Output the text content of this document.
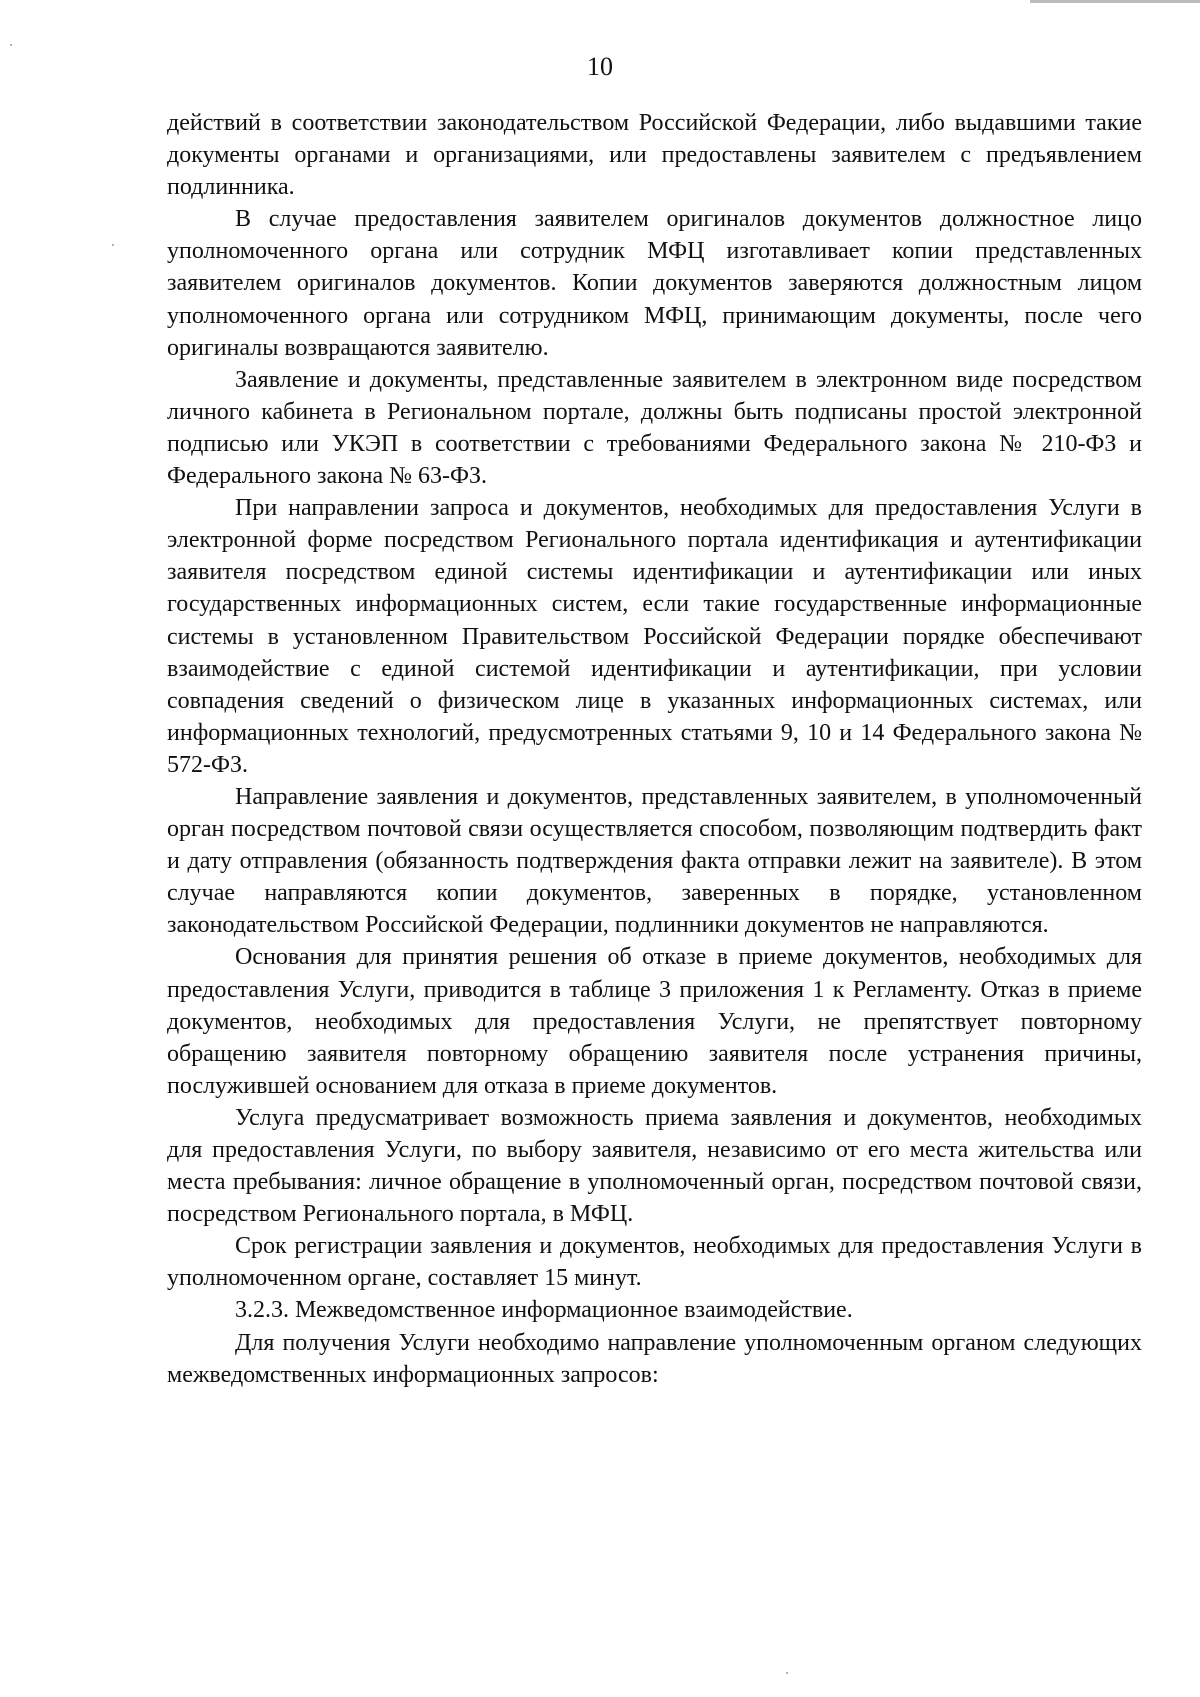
10

действий в соответствии законодательством Российской Федерации, либо выдавшими такие документы органами и организациями, или предоставлены заявителем с предъявлением подлинника.

В случае предоставления заявителем оригиналов документов должностное лицо уполномоченного органа или сотрудник МФЦ изготавливает копии представленных заявителем оригиналов документов. Копии документов заверяются должностным лицом уполномоченного органа или сотрудником МФЦ, принимающим документы, после чего оригиналы возвращаются заявителю.

Заявление и документы, представленные заявителем в электронном виде посредством личного кабинета в Региональном портале, должны быть подписаны простой электронной подписью или УКЭП в соответствии с требованиями Федерального закона № 210-ФЗ и Федерального закона № 63-ФЗ.

При направлении запроса и документов, необходимых для предоставления Услуги в электронной форме посредством Регионального портала идентификация и аутентификации заявителя посредством единой системы идентификации и аутентификации или иных государственных информационных систем, если такие государственные информационные системы в установленном Правительством Российской Федерации порядке обеспечивают взаимодействие с единой системой идентификации и аутентификации, при условии совпадения сведений о физическом лице в указанных информационных системах, или информационных технологий, предусмотренных статьями 9, 10 и 14 Федерального закона № 572-ФЗ.

Направление заявления и документов, представленных заявителем, в уполномоченный орган посредством почтовой связи осуществляется способом, позволяющим подтвердить факт и дату отправления (обязанность подтверждения факта отправки лежит на заявителе). В этом случае направляются копии документов, заверенных в порядке, установленном законодательством Российской Федерации, подлинники документов не направляются.

Основания для принятия решения об отказе в приеме документов, необходимых для предоставления Услуги, приводится в таблице 3 приложения 1 к Регламенту. Отказ в приеме документов, необходимых для предоставления Услуги, не препятствует повторному обращению заявителя повторному обращению заявителя после устранения причины, послужившей основанием для отказа в приеме документов.

Услуга предусматривает возможность приема заявления и документов, необходимых для предоставления Услуги, по выбору заявителя, независимо от его места жительства или места пребывания: личное обращение в уполномоченный орган, посредством почтовой связи, посредством Регионального портала, в МФЦ.

Срок регистрации заявления и документов, необходимых для предоставления Услуги в уполномоченном органе, составляет 15 минут.

3.2.3. Межведомственное информационное взаимодействие.

Для получения Услуги необходимо направление уполномоченным органом следующих межведомственных информационных запросов:
